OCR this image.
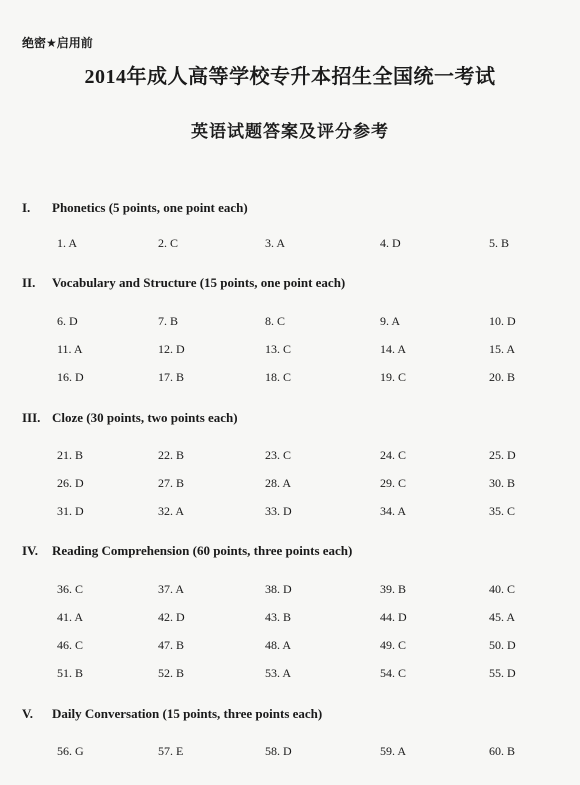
绝密★启用前
2014年成人高等学校专升本招生全国统一考试
英语试题答案及评分参考
I. Phonetics (5 points, one point each)
1. A	2. C	3. A	4. D	5. B
II. Vocabulary and Structure (15 points, one point each)
6. D	7. B	8. C	9. A	10. D
11. A	12. D	13. C	14. A	15. A
16. D	17. B	18. C	19. C	20. B
III. Cloze (30 points, two points each)
21. B	22. B	23. C	24. C	25. D
26. D	27. B	28. A	29. C	30. B
31. D	32. A	33. D	34. A	35. C
IV. Reading Comprehension (60 points, three points each)
36. C	37. A	38. D	39. B	40. C
41. A	42. D	43. B	44. D	45. A
46. C	47. B	48. A	49. C	50. D
51. B	52. B	53. A	54. C	55. D
V. Daily Conversation (15 points, three points each)
56. G	57. E	58. D	59. A	60. B
